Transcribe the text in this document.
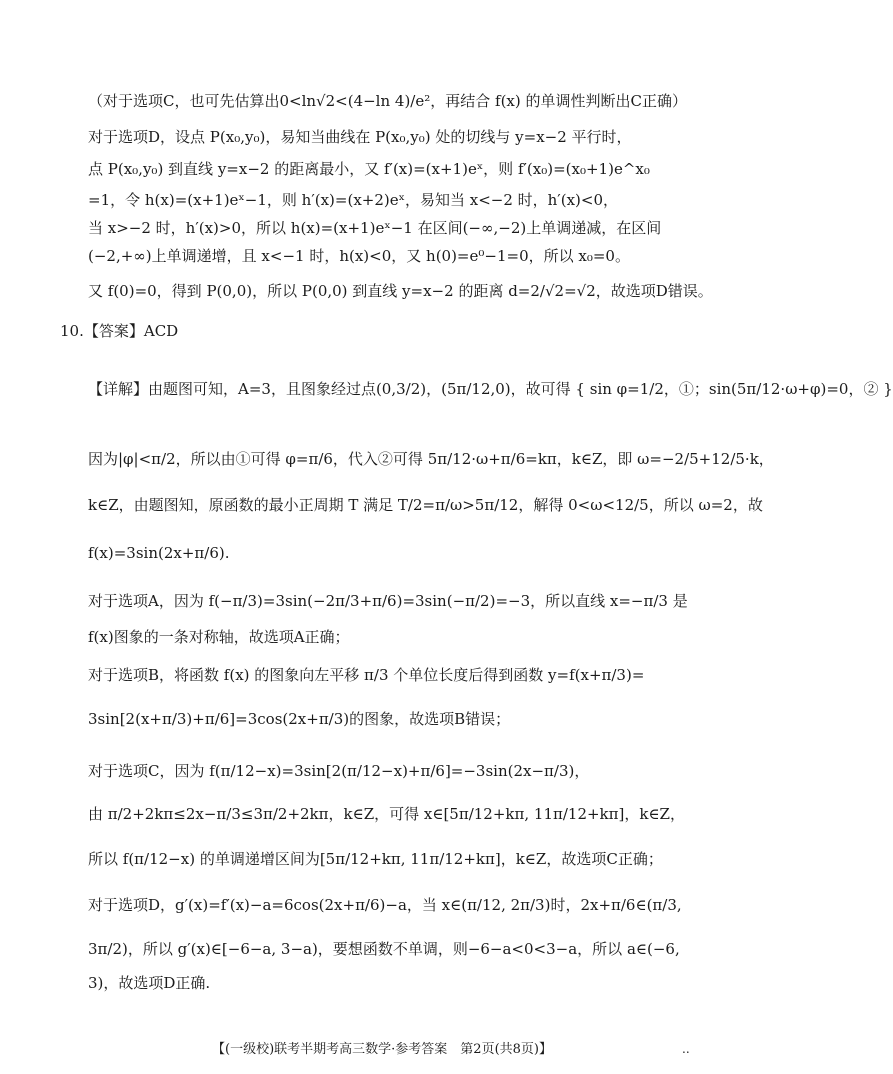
（对于选项C，也可先估算出0<ln√2<(4−ln 4)/e²，再结合 f(x) 的单调性判断出C正确）
对于选项D，设点 P(x₀,y₀)，易知当曲线在 P(x₀,y₀) 处的切线与 y=x−2 平行时，
点 P(x₀,y₀) 到直线 y=x−2 的距离最小，又 f′(x)=(x+1)eˣ，则 f′(x₀)=(x₀+1)e^x₀
=1，令 h(x)=(x+1)eˣ−1，则 h′(x)=(x+2)eˣ，易知当 x<−2 时，h′(x)<0，
当 x>−2 时，h′(x)>0，所以 h(x)=(x+1)eˣ−1 在区间(−∞,−2)上单调递减，在区间
(−2,+∞)上单调递增，且 x<−1 时，h(x)<0，又 h(0)=e⁰−1=0，所以 x₀=0。
又 f(0)=0，得到 P(0,0)，所以 P(0,0) 到直线 y=x−2 的距离 d=2/√2=√2，故选项D错误。
10.【答案】ACD
【详解】由题图可知，A=3，且图象经过点(0,3/2)，(5π/12,0)，故可得 { sin φ=1/2，①；sin(5π/12·ω+φ)=0，② }
因为|φ|<π/2，所以由①可得 φ=π/6，代入②可得 5π/12·ω+π/6=kπ，k∈Z，即 ω=−2/5+12/5·k，
k∈Z，由题图知，原函数的最小正周期 T 满足 T/2=π/ω>5π/12，解得 0<ω<12/5，所以 ω=2，故
f(x)=3sin(2x+π/6).
对于选项A，因为 f(−π/3)=3sin(−2π/3+π/6)=3sin(−π/2)=−3，所以直线 x=−π/3 是
f(x)图象的一条对称轴，故选项A正确；
对于选项B，将函数 f(x) 的图象向左平移 π/3 个单位长度后得到函数 y=f(x+π/3)=
3sin[2(x+π/3)+π/6]=3cos(2x+π/3)的图象，故选项B错误；
对于选项C，因为 f(π/12−x)=3sin[2(π/12−x)+π/6]=−3sin(2x−π/3)，
由 π/2+2kπ≤2x−π/3≤3π/2+2kπ，k∈Z，可得 x∈[5π/12+kπ, 11π/12+kπ]，k∈Z，
所以 f(π/12−x) 的单调递增区间为[5π/12+kπ, 11π/12+kπ]，k∈Z，故选项C正确；
对于选项D，g′(x)=f′(x)−a=6cos(2x+π/6)−a，当 x∈(π/12, 2π/3)时，2x+π/6∈(π/3,
3π/2)，所以 g′(x)∈[−6−a, 3−a)，要想函数不单调，则−6−a<0<3−a，所以 a∈(−6,
3)，故选项D正确.
【(一级校)联考半期考高三数学·参考答案　第2页(共8页)】	..
